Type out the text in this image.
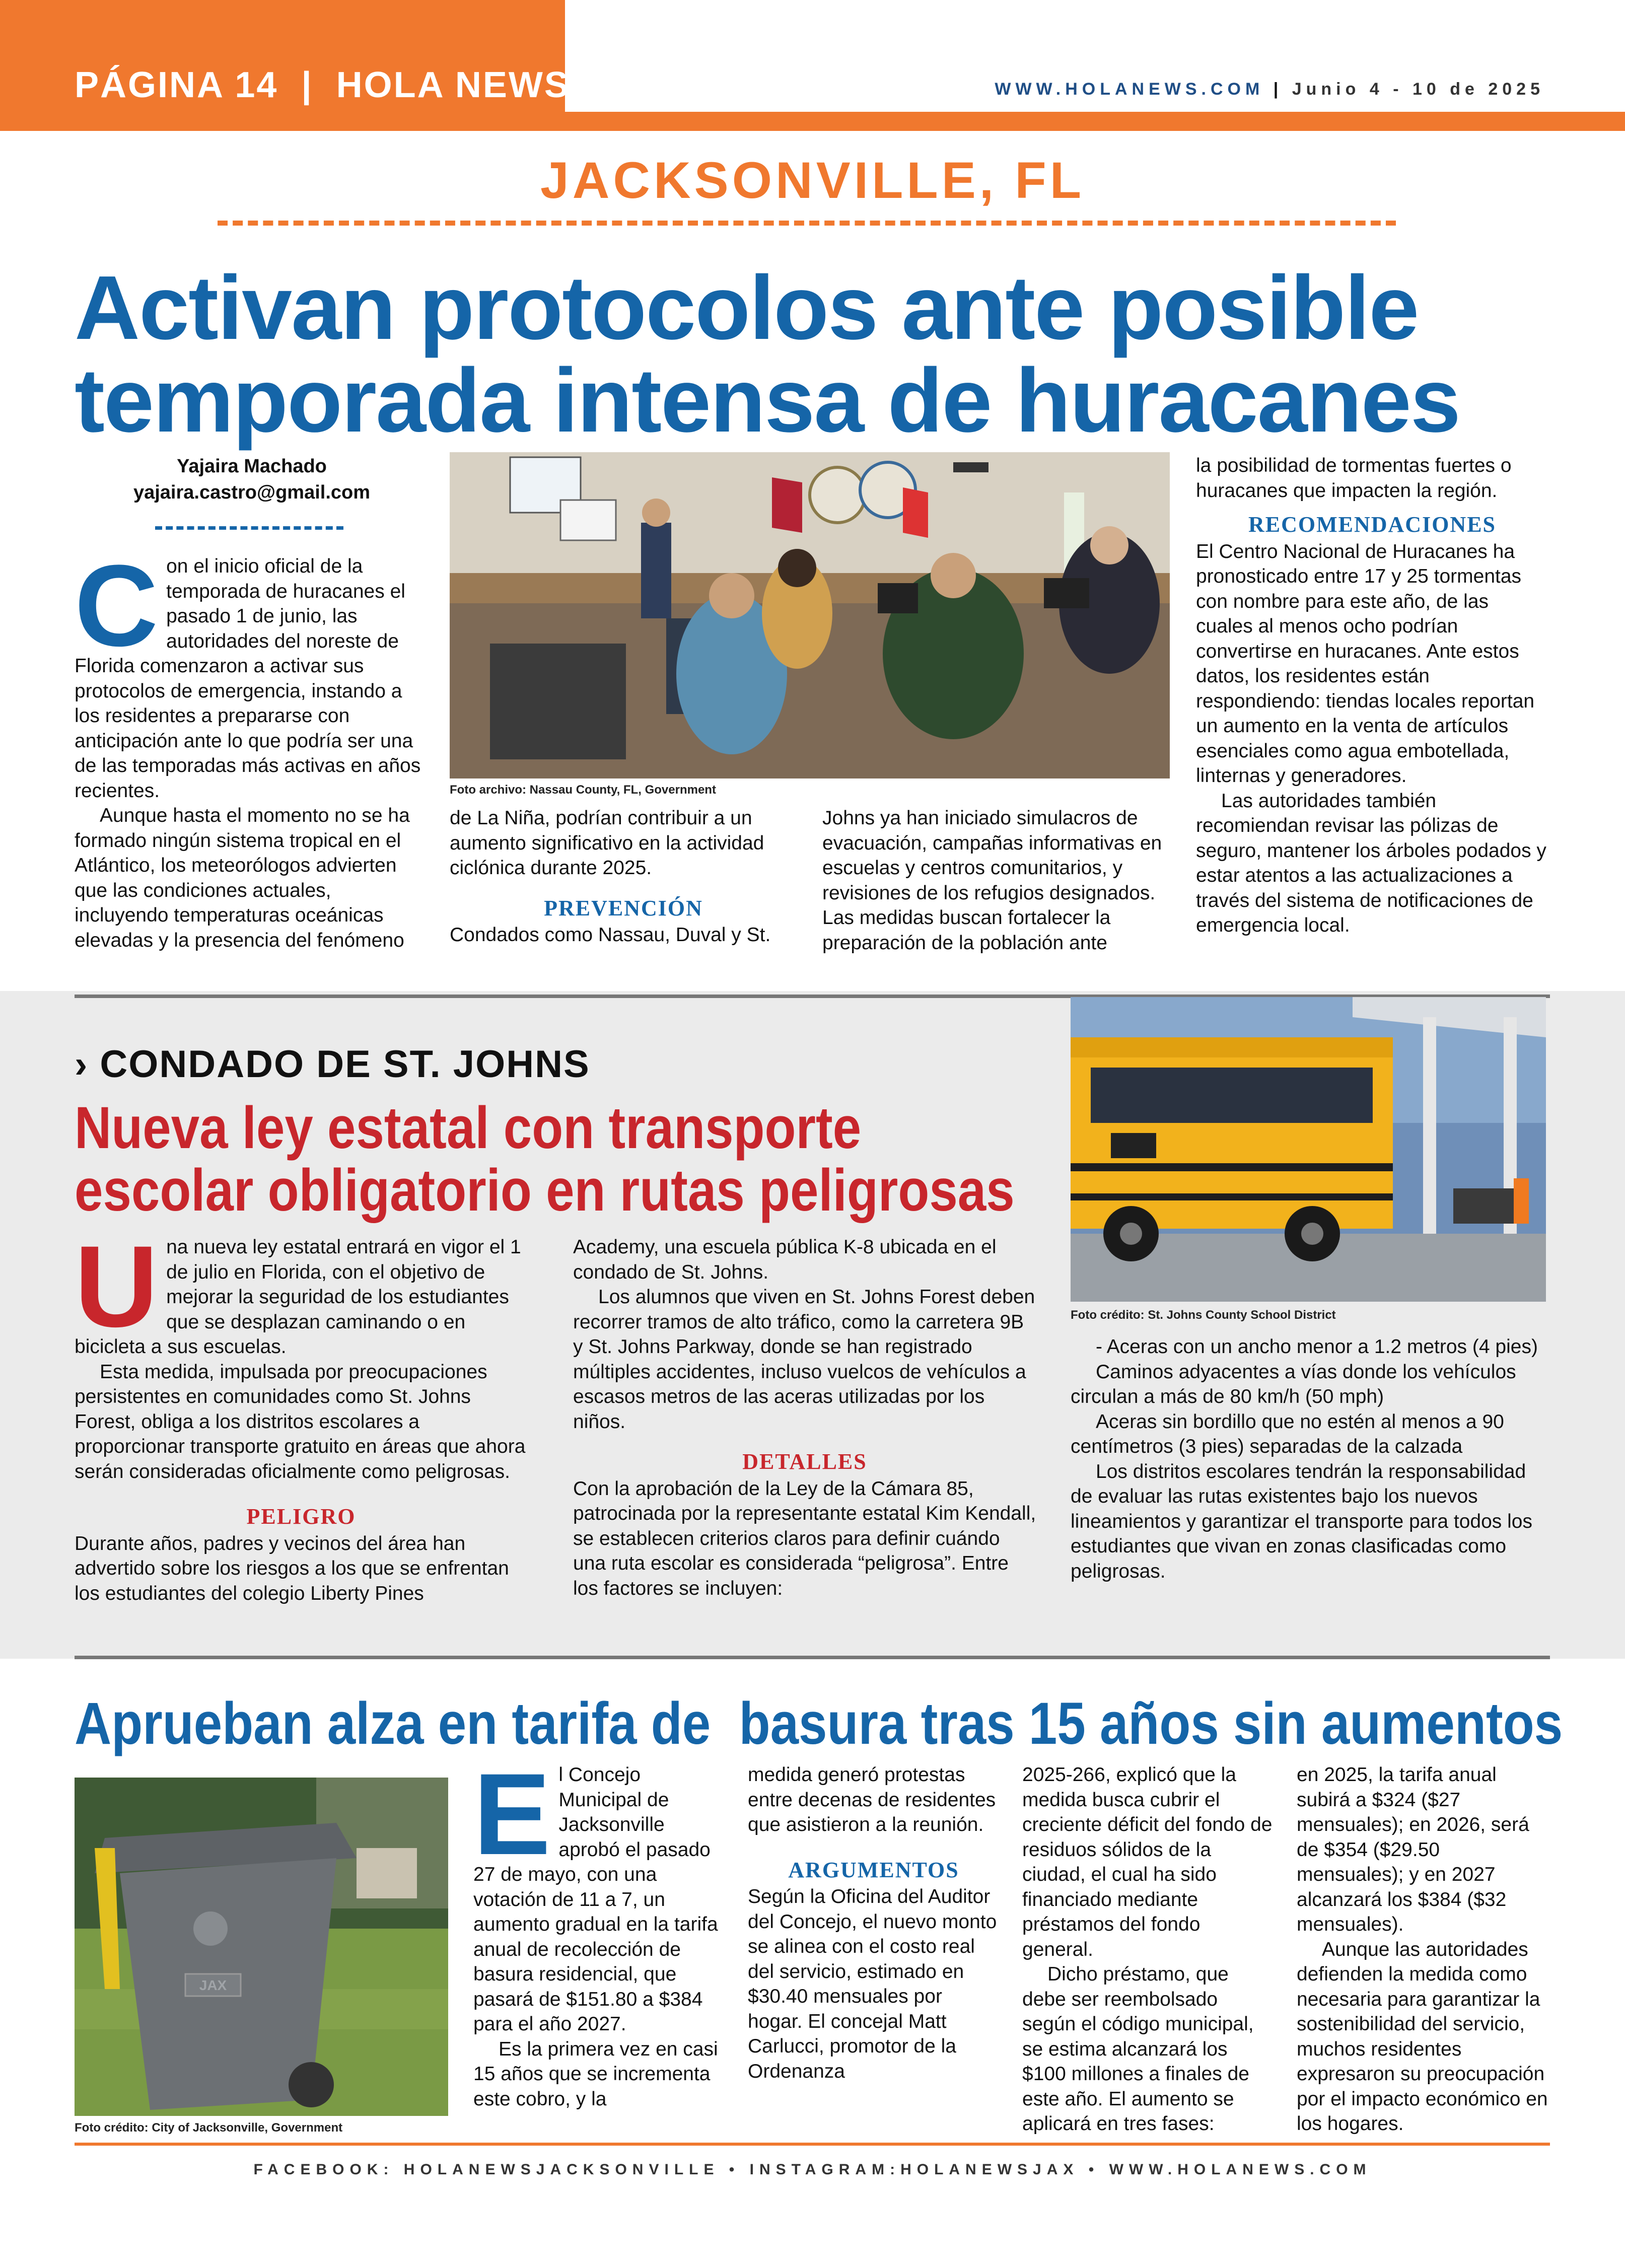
PÁGINA 14  |  HOLA NEWS	WWW.HOLANEWS.COM | Junio 4 - 10 de 2025
JACKSONVILLE, FL
Activan protocolos ante posible
temporada intensa de huracanes
Yajaira Machado
yajaira.castro@gmail.com

Con el inicio oficial de la temporada de huracanes el pasado 1 de junio, las autoridades del noreste de Florida comenzaron a activar sus protocolos de emergencia, instando a los residentes a prepararse con anticipación ante lo que podría ser una de las temporadas más activas en años recientes.

Aunque hasta el momento no se ha formado ningún sistema tropical en el Atlántico, los meteorólogos advierten que las condiciones actuales, incluyendo temperaturas oceánicas elevadas y la presencia del fenómeno

Foto archivo: Nassau County, FL, Government

de La Niña, podrían contribuir a un aumento significativo en la actividad ciclónica durante 2025.

PREVENCIÓN

Condados como Nassau, Duval y St.

Johns ya han iniciado simulacros de evacuación, campañas informativas en escuelas y centros comunitarios, y revisiones de los refugios designados. Las medidas buscan fortalecer la preparación de la población ante

la posibilidad de tormentas fuertes o huracanes que impacten la región.

RECOMENDACIONES

El Centro Nacional de Huracanes ha pronosticado entre 17 y 25 tormentas con nombre para este año, de las cuales al menos ocho podrían convertirse en huracanes. Ante estos datos, los residentes están respondiendo: tiendas locales reportan un aumento en la venta de artículos esenciales como agua embotellada, linternas y generadores.

Las autoridades también recomiendan revisar las pólizas de seguro, mantener los árboles podados y estar atentos a las actualizaciones a través del sistema de notificaciones de emergencia local.

› CONDADO DE ST. JOHNS
Nueva ley estatal con transporte
escolar obligatorio en rutas peligrosas
Foto crédito: St. Johns County School District

Una nueva ley estatal entrará en vigor el 1 de julio en Florida, con el objetivo de mejorar la seguridad de los estudiantes que se desplazan caminando o en bicicleta a sus escuelas.

Esta medida, impulsada por preocupaciones persistentes en comunidades como St. Johns Forest, obliga a los distritos escolares a proporcionar transporte gratuito en áreas que ahora serán consideradas oficialmente como peligrosas.

PELIGRO

Durante años, padres y vecinos del área han advertido sobre los riesgos a los que se enfrentan los estudiantes del colegio Liberty Pines

Academy, una escuela pública K-8 ubicada en el condado de St. Johns.

Los alumnos que viven en St. Johns Forest deben recorrer tramos de alto tráfico, como la carretera 9B y St. Johns Parkway, donde se han registrado múltiples accidentes, incluso vuelcos de vehículos a escasos metros de las aceras utilizadas por los niños.

DETALLES

Con la aprobación de la Ley de la Cámara 85, patrocinada por la representante estatal Kim Kendall, se establecen criterios claros para definir cuándo una ruta escolar es considerada “peligrosa”. Entre los factores se incluyen:

- Aceras con un ancho menor a 1.2 metros (4 pies)

Caminos adyacentes a vías donde los vehículos circulan a más de 80 km/h (50 mph)

Aceras sin bordillo que no estén al menos a 90 centímetros (3 pies) separadas de la calzada

Los distritos escolares tendrán la responsabilidad de evaluar las rutas existentes bajo los nuevos lineamientos y garantizar el transporte para todos los estudiantes que vivan en zonas clasificadas como peligrosas.

Aprueban alza en tarifa de  basura tras 15 años sin aumentos
JAX
Foto crédito: City of Jacksonville, Government

El Concejo Municipal de Jacksonville aprobó el pasado 27 de mayo, con una votación de 11 a 7, un aumento gradual en la tarifa anual de recolección de basura residencial, que pasará de $151.80 a $384 para el año 2027.

Es la primera vez en casi 15 años que se incrementa este cobro, y la

medida generó protestas entre decenas de residentes que asistieron a la reunión.

ARGUMENTOS

Según la Oficina del Auditor del Concejo, el nuevo monto se alinea con el costo real del servicio, estimado en $30.40 mensuales por hogar. El concejal Matt Carlucci, promotor de la Ordenanza

2025-266, explicó que la medida busca cubrir el creciente déficit del fondo de residuos sólidos de la ciudad, el cual ha sido financiado mediante préstamos del fondo general.

Dicho préstamo, que debe ser reembolsado según el código municipal, se estima alcanzará los $100 millones a finales de este año. El aumento se aplicará en tres fases:

en 2025, la tarifa anual subirá a $324 ($27 mensuales); en 2026, será de $354 ($29.50 mensuales); y en 2027 alcanzará los $384 ($32 mensuales).

Aunque las autoridades defienden la medida como necesaria para garantizar la sostenibilidad del servicio, muchos residentes expresaron su preocupación por el impacto económico en los hogares.

FACEBOOK: HOLANEWSJACKSONVILLE • INSTAGRAM:HOLANEWSJAX • WWW.HOLANEWS.COM
